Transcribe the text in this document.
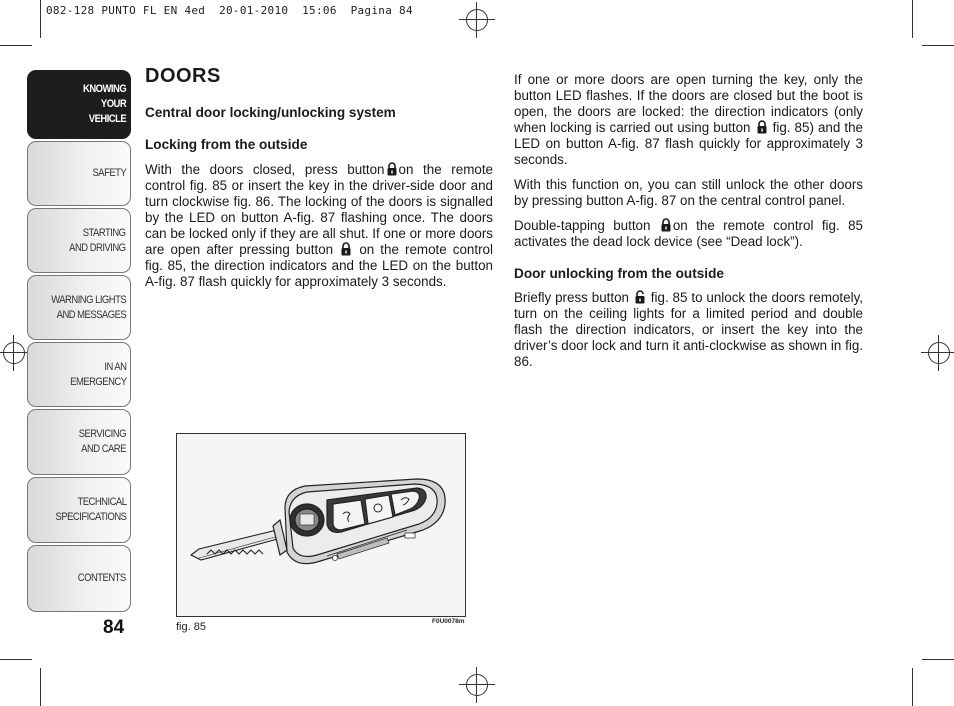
082-128 PUNTO FL EN 4ed  20-01-2010  15:06  Pagina 84
KNOWING
YOUR
VEHICLE
SAFETY
STARTING
AND DRIVING
WARNING LIGHTS
AND MESSAGES
IN AN
EMERGENCY
SERVICING
AND CARE
TECHNICAL
SPECIFICATIONS
CONTENTS
84
DOORS
Central door locking/unlocking system
Locking from the outside

With the doors closed, press button on the remote control fig. 85 or insert the key in the driver-side door and turn clockwise fig. 86. The locking of the doors is signalled by the LED on button A-fig. 87 flashing once. The doors can be locked only if they are all shut. If one or more doors are open after pressing button on the remote control fig. 85, the direction indicators and the LED on the button A-fig. 87 flash quickly for approximately 3 seconds.

If one or more doors are open turning the key, only the button LED flashes. If the doors are closed but the boot is open, the doors are locked: the direction indicators (only when locking is carried out using button fig. 85) and the LED on button A-fig. 87 flash quickly for approximately 3 seconds.

With this function on, you can still unlock the other doors by pressing button A-fig. 87 on the central control panel.

Double-tapping button on the remote control fig. 85 activates the dead lock device (see “Dead lock”).

Door unlocking from the outside

Briefly press button fig. 85 to unlock the doors remotely, turn on the ceiling lights for a limited period and double flash the direction indicators, or insert the key into the driver’s door lock and turn it anti-clockwise as shown in fig. 86.

fig. 85	F0U0078m
